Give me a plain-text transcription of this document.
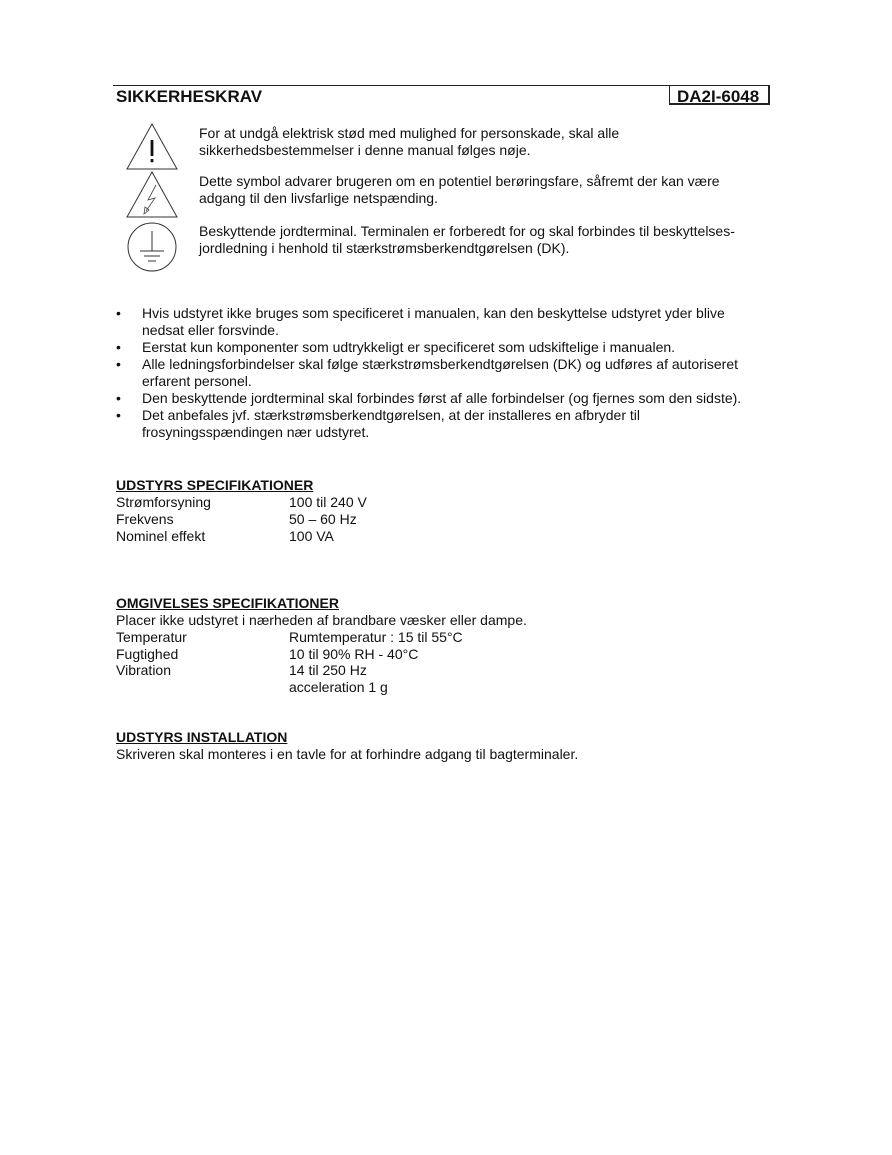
SIKKERHESKRAV	DA2I-6048
For at undgå elektrisk stød med mulighed for personskade, skal alle
sikkerhedsbestemmelser i denne manual følges nøje.
Dette symbol advarer brugeren om en potentiel berøringsfare, såfremt der kan være
adgang til den livsfarlige netspænding.
Beskyttende jordterminal. Terminalen er forberedt for og skal forbindes til beskyttelses-
jordledning i henhold til stærkstrømsberkendtgørelsen (DK).
• Hvis udstyret ikke bruges som specificeret i manualen, kan den beskyttelse udstyret yder blive
nedsat eller forsvinde.
• Eerstat kun komponenter som udtrykkeligt er specificeret som udskiftelige i manualen.
• Alle ledningsforbindelser skal følge stærkstrømsberkendtgørelsen (DK) og udføres af autoriseret
erfarent personel.
• Den beskyttende jordterminal skal forbindes først af alle forbindelser (og fjernes som den sidste).
• Det anbefales jvf. stærkstrømsberkendtgørelsen, at der installeres en afbryder til
frosyningsspændingen nær udstyret.
UDSTYRS SPECIFIKATIONER
Strømforsyning	100 til 240 V
Frekvens	50 – 60 Hz
Nominel effekt	100 VA
OMGIVELSES SPECIFIKATIONER
Placer ikke udstyret i nærheden af brandbare væsker eller dampe.
Temperatur	Rumtemperatur : 15 til 55°C
Fugtighed	10 til 90% RH - 40°C
Vibration	14 til 250 Hz
acceleration 1 g
UDSTYRS INSTALLATION
Skriveren skal monteres i en tavle for at forhindre adgang til bagterminaler.
